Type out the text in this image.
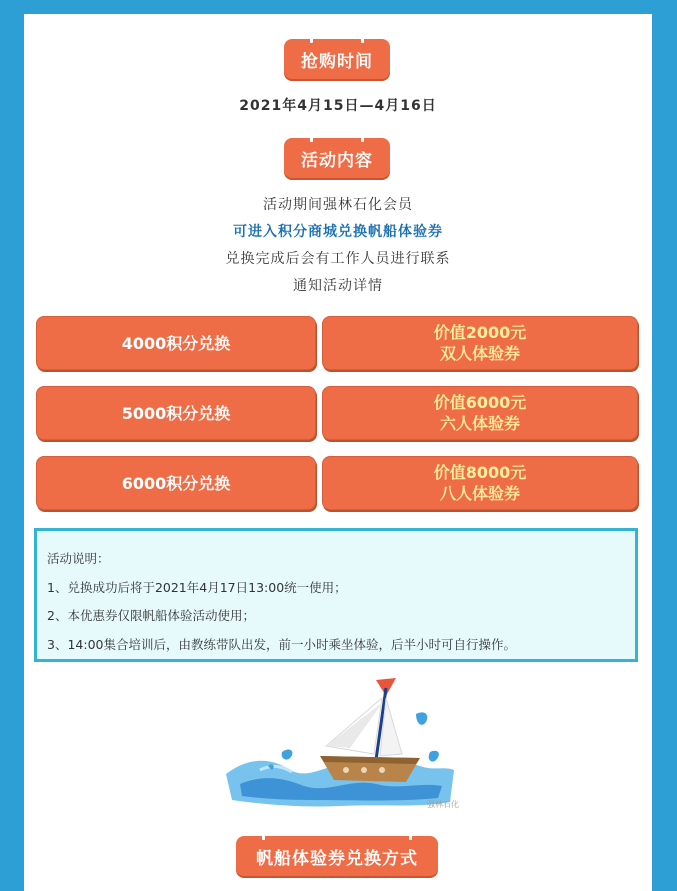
抢购时间
2021年4月15日—4月16日
活动内容
活动期间强林石化会员
可进入积分商城兑换帆船体验券
兑换完成后会有工作人员进行联系
通知活动详情
4000积分兑换
价值2000元
双人体验券
5000积分兑换
价值6000元
六人体验券
6000积分兑换
价值8000元
八人体验券
活动说明：
1、兑换成功后将于2021年4月17日13:00统一使用；
2、本优惠券仅限帆船体验活动使用；
3、14:00集合培训后，由教练带队出发，前一小时乘坐体验，后半小时可自行操作。
强林石化
帆船体验券兑换方式
